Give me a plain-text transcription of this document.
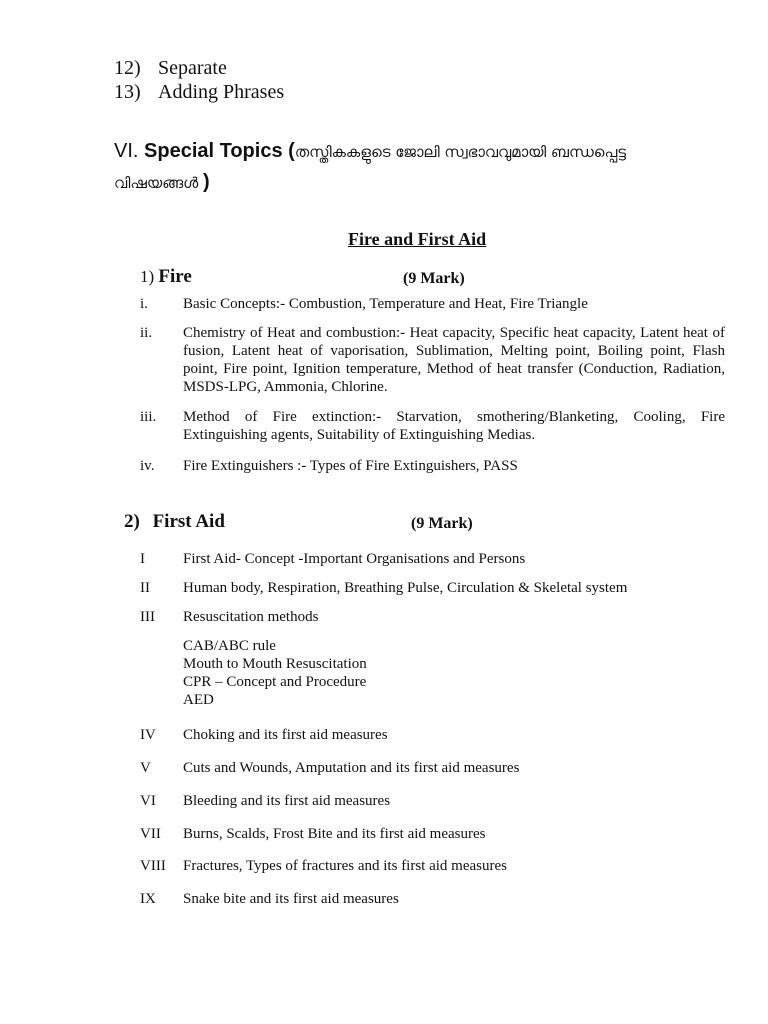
12) Separate
13) Adding Phrases
VI. Special Topics (തസ്തികകളുടെ ജോലി സ്വഭാവവുമായി ബന്ധപ്പെട്ട
വിഷയങ്ങൾ )
Fire and First Aid
1) Fire	(9 Mark)
i. Basic Concepts:- Combustion, Temperature and Heat, Fire Triangle
ii. Chemistry of Heat and combustion:- Heat capacity, Specific heat capacity, Latent heat of fusion, Latent heat of vaporisation, Sublimation, Melting point, Boiling point, Flash point, Fire point, Ignition temperature, Method of heat transfer (Conduction, Radiation, MSDS-LPG, Ammonia, Chlorine.
iii. Method of Fire extinction:- Starvation, smothering/Blanketing, Cooling, Fire Extinguishing agents, Suitability of Extinguishing Medias.
iv. Fire Extinguishers :- Types of Fire Extinguishers, PASS
2) First Aid	(9 Mark)
I	First Aid- Concept -Important Organisations and Persons
II Human body, Respiration, Breathing Pulse, Circulation & Skeletal system
III Resuscitation methods
CAB/ABC rule
Mouth to Mouth Resuscitation
CPR – Concept and Procedure
AED
IV Choking and its first aid measures
V Cuts and Wounds, Amputation and its first aid measures
VI Bleeding and its first aid measures
VII Burns, Scalds, Frost Bite and its first aid measures
VIII Fractures, Types of fractures and its first aid measures
IX Snake bite and its first aid measures
